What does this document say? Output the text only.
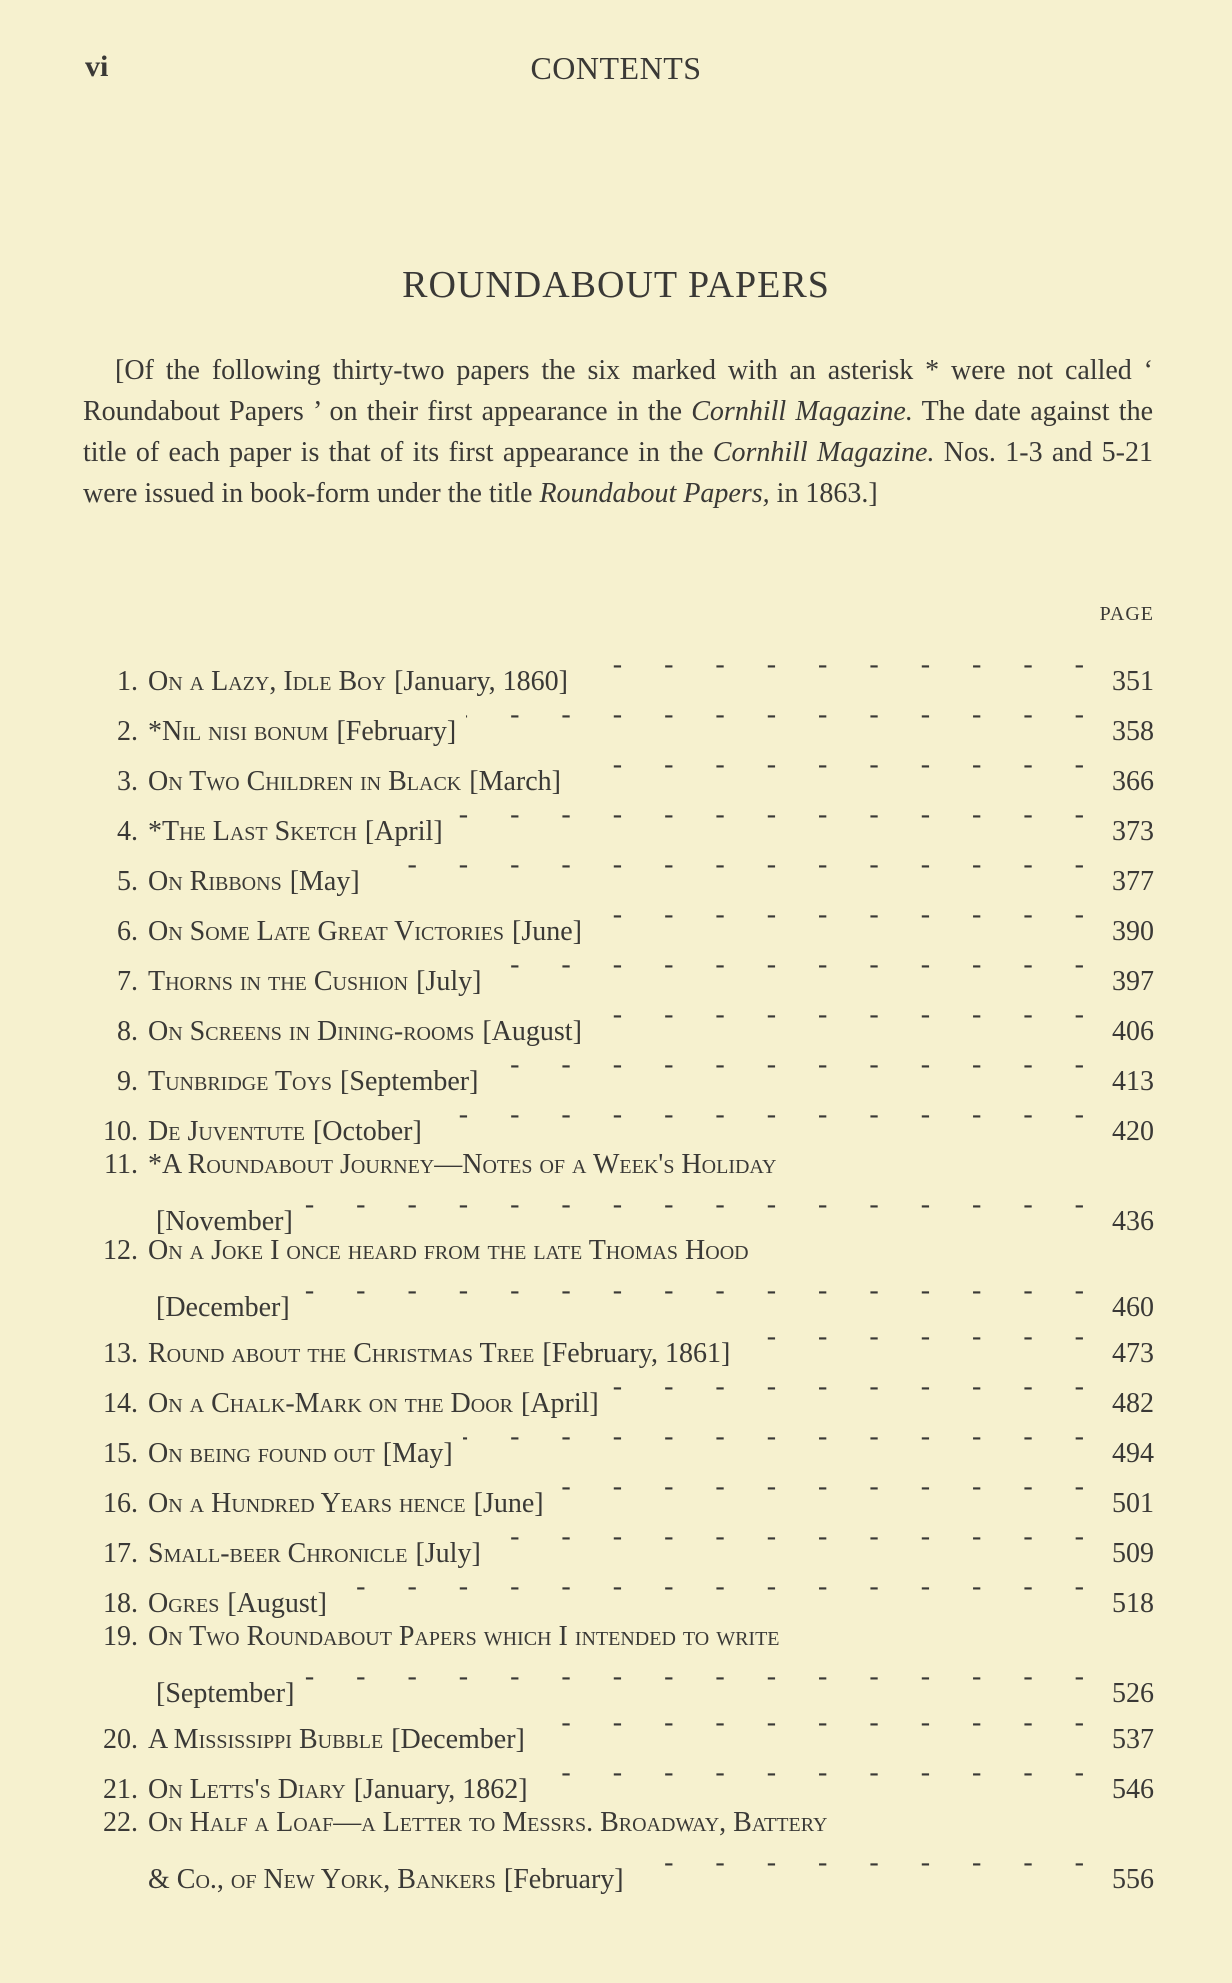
vi	CONTENTS
ROUNDABOUT PAPERS
[Of the following thirty-two papers the six marked with an asterisk * were not called ‘ Roundabout Papers ’ on their first appearance in the Cornhill Magazine. The date against the title of each paper is that of its first appearance in the Cornhill Magazine. Nos. 1-3 and 5-21 were issued in book-form under the title Roundabout Papers, in 1863.]
PAGE
1. On a Lazy, Idle Boy [January, 1860] -	351
2. *Nil nisi bonum [February] -	358
3. On Two Children in Black [March] -	366
4. *The Last Sketch [April] -	373
5. On Ribbons [May] -	377
6. On Some Late Great Victories [June] -	390
7. Thorns in the Cushion [July] -	397
8. On Screens in Dining-rooms [August] -	406
9. Tunbridge Toys [September] -	413
10. De Juventute [October] -	420
11. *A Roundabout Journey—Notes of a Week's Holiday
[November] -	436
12. On a Joke I once heard from the late Thomas Hood
[December] -	460
13. Round about the Christmas Tree [February, 1861] -	473
14. On a Chalk-Mark on the Door [April] -	482
15. On being found out [May] -	494
16. On a Hundred Years hence [June] -	501
17. Small-beer Chronicle [July] -	509
18. Ogres [August] -	518
19. On Two Roundabout Papers which I intended to write
[September] -	526
20. A Mississippi Bubble [December] -	537
21. On Letts's Diary [January, 1862] -	546
22. On Half a Loaf—a Letter to Messrs. Broadway, Battery
& Co., of New York, Bankers [February] -	556
